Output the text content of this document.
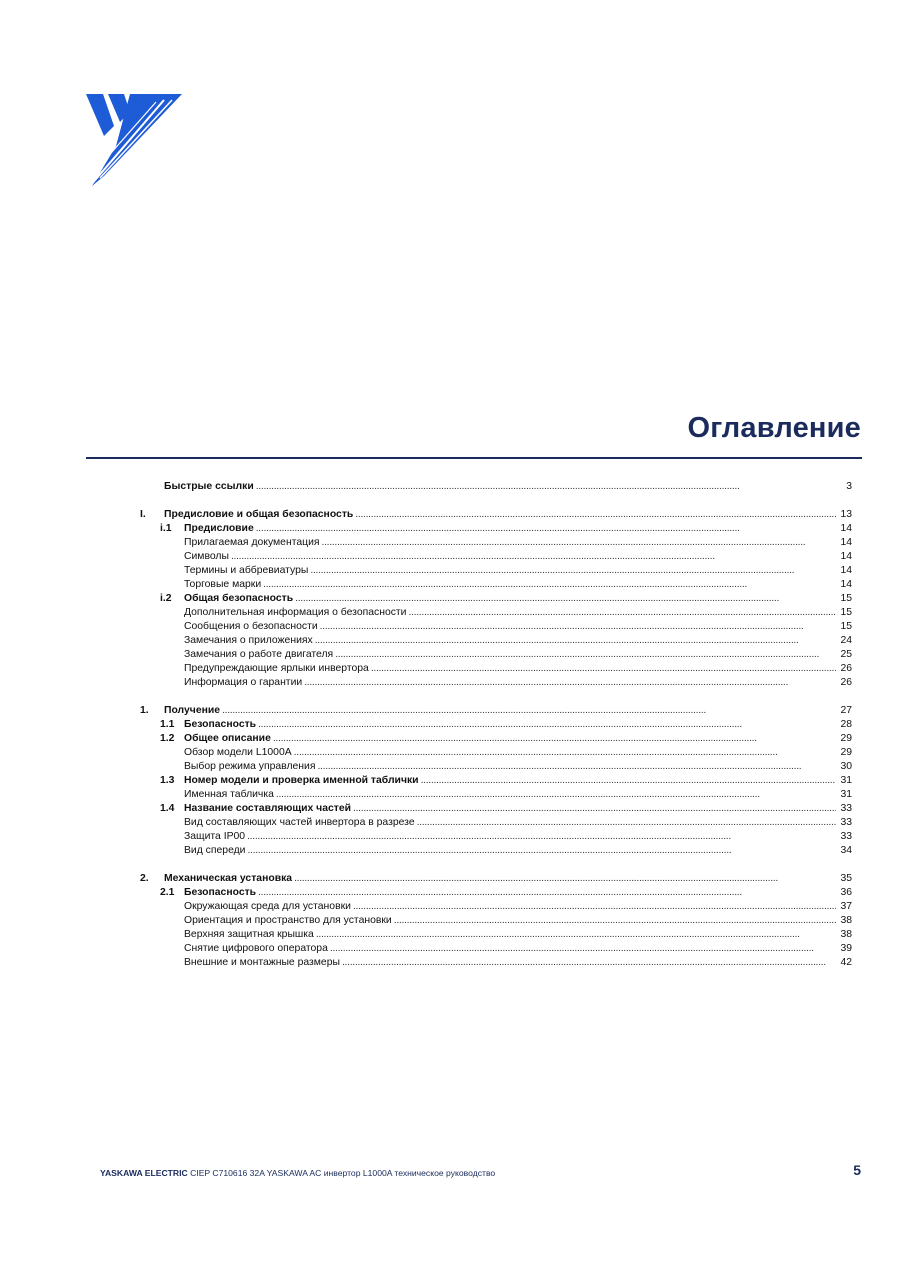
Оглавление
Быстрые ссылки . . .	3
I.	Предисловие и общая безопасность . . .	13
i.1	Предисловие . . .	14
Прилагаемая документация . . .	14
Символы . . .	14
Термины и аббревиатуры . . .	14
Торговые марки . . .	14
i.2	Общая безопасность . . .	15
Дополнительная информация о безопасности . . .	15
Сообщения о безопасности . . .	15
Замечания о приложениях . . .	24
Замечания о работе двигателя . . .	25
Предупреждающие ярлыки инвертора . . .	26
Информация о гарантии . . .	26
1.	Получение . . .	27
1.1 Безопасность . . .	28
1.2 Общее описание . . .	29
Обзор модели L1000A . . .	29
Выбор режима управления . . .	30
1.3 Номер модели и проверка именной таблички . . .	31
Именная табличка . . .	31
1.4 Название составляющих частей . . .	33
Вид составляющих частей инвертора в разрезе . . .	33
Защита IP00 . . .	33
Вид спереди . . .	34
2.	Механическая установка . . .	35
2.1 Безопасность . . .	36
Окружающая среда для установки . . .	37
Ориентация и пространство для установки . . .	38
Верхняя защитная крышка . . .	38
Снятие цифрового оператора . . .	39
Внешние и монтажные размеры . . .	42
YASKAWA ELECTRIC CIEP C710616 32A YASKAWA AC инвертор L1000A техническое руководство	5
